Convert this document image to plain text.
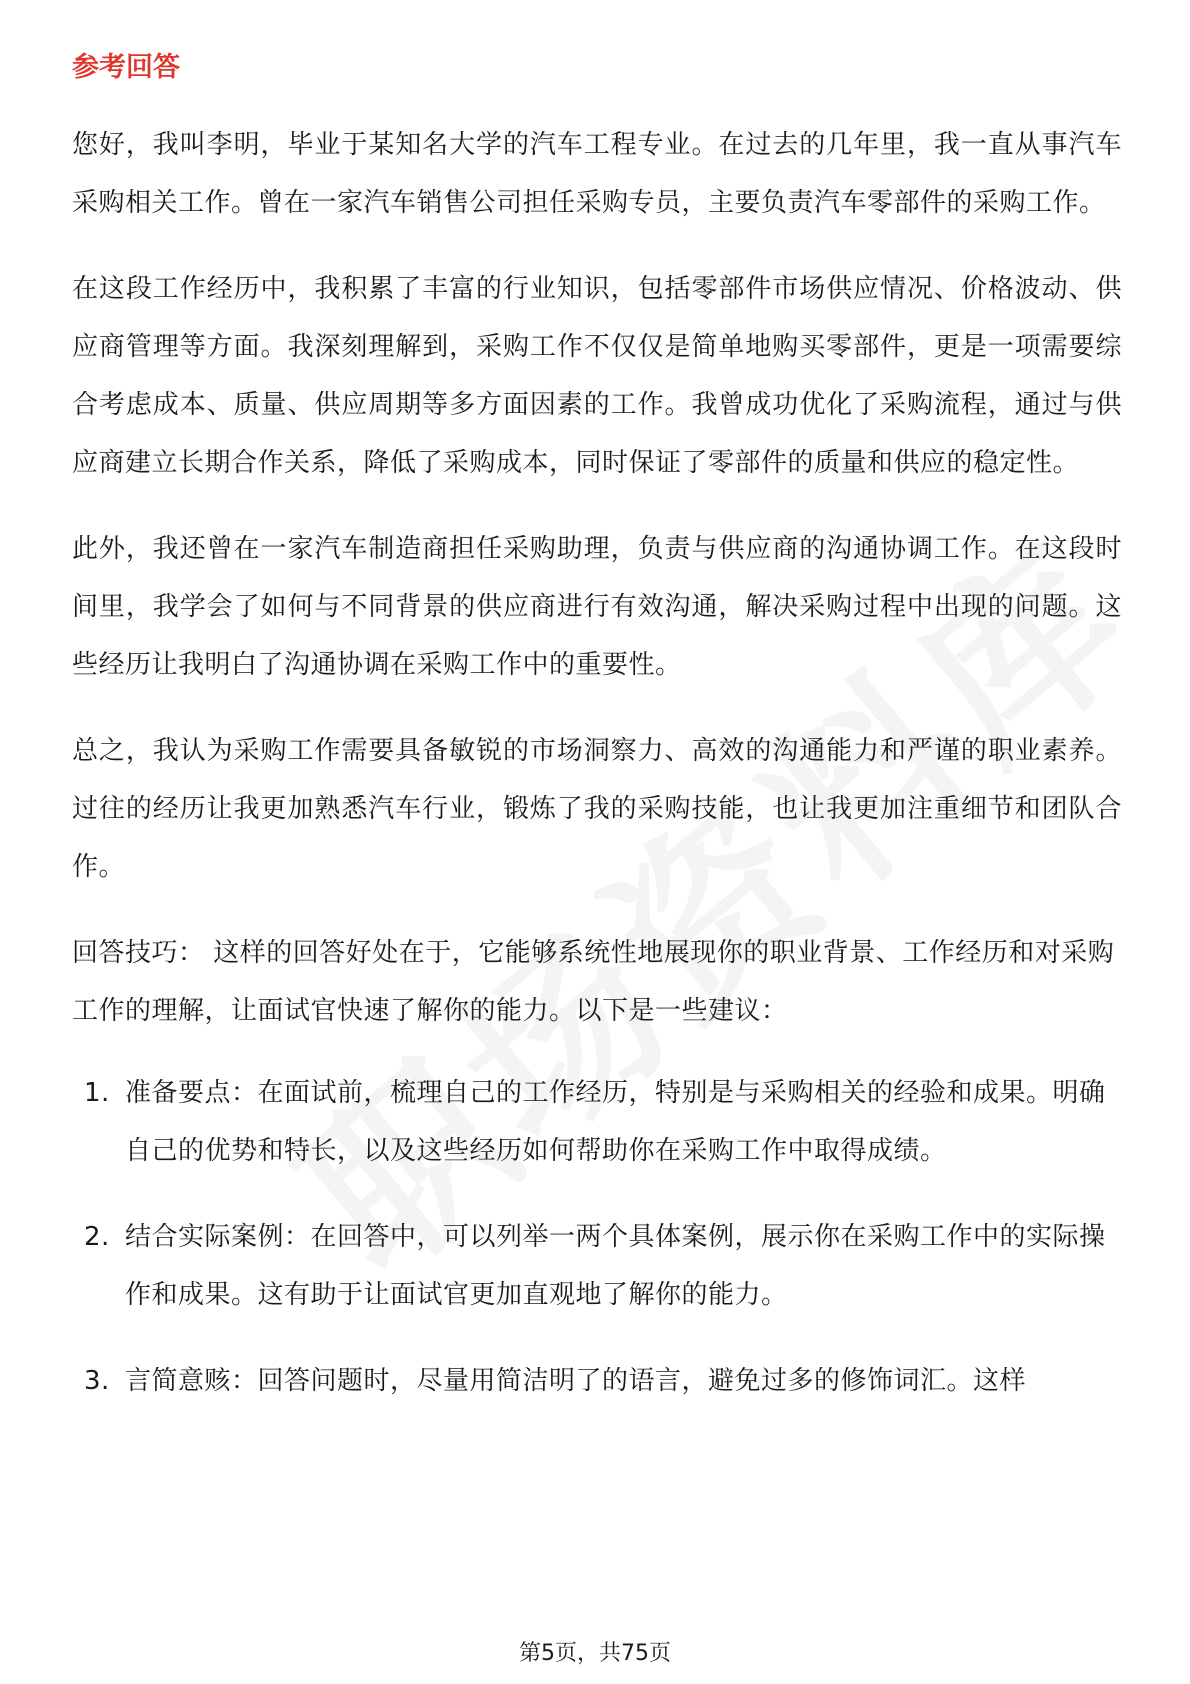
参考回答

您好，我叫李明，毕业于某知名大学的汽车工程专业。在过去的几年里，我一直从事汽车采购相关工作。曾在一家汽车销售公司担任采购专员，主要负责汽车零部件的采购工作。

在这段工作经历中，我积累了丰富的行业知识，包括零部件市场供应情况、价格波动、供应商管理等方面。我深刻理解到，采购工作不仅仅是简单地购买零部件，更是一项需要综合考虑成本、质量、供应周期等多方面因素的工作。我曾成功优化了采购流程，通过与供应商建立长期合作关系，降低了采购成本，同时保证了零部件的质量和供应的稳定性。

此外，我还曾在一家汽车制造商担任采购助理，负责与供应商的沟通协调工作。在这段时间里，我学会了如何与不同背景的供应商进行有效沟通，解决采购过程中出现的问题。这些经历让我明白了沟通协调在采购工作中的重要性。

总之，我认为采购工作需要具备敏锐的市场洞察力、高效的沟通能力和严谨的职业素养。过往的经历让我更加熟悉汽车行业，锻炼了我的采购技能，也让我更加注重细节和团队合作。

回答技巧： 这样的回答好处在于，它能够系统性地展现你的职业背景、工作经历和对采购工作的理解，让面试官快速了解你的能力。以下是一些建议：

1. 准备要点：在面试前，梳理自己的工作经历，特别是与采购相关的经验和成果。明确自己的优势和特长，以及这些经历如何帮助你在采购工作中取得成绩。
2. 结合实际案例：在回答中，可以列举一两个具体案例，展示你在采购工作中的实际操作和成果。这有助于让面试官更加直观地了解你的能力。
3. 言简意赅：回答问题时，尽量用简洁明了的语言，避免过多的修饰词汇。这样
第5页，共75页
